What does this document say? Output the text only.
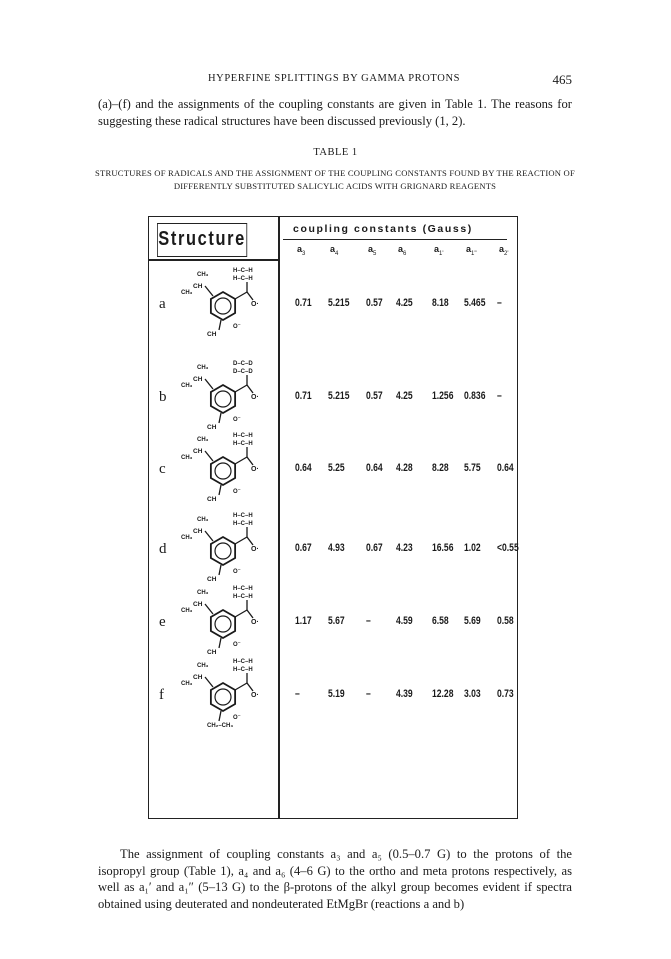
HYPERFINE SPLITTINGS BY GAMMA PROTONS	465

(a)–(f) and the assignments of the coupling constants are given in Table 1. The reasons for suggesting these radical structures have been discussed previously (1, 2).

TABLE 1
STRUCTURES OF RADICALS AND THE ASSIGNMENT OF THE COUPLING CONSTANTS FOUND BY THE REACTION OF DIFFERENTLY SUBSTITUTED SALICYLIC ACIDS WITH GRIGNARD REAGENTS
Structure	coupling constants (Gauss)
$a_3$	$a_4$	$a_5$ $a_6$	$a_{1'}$	$a_{1''}$ $a_{2'}$
a	O·
O⁻
H–C–H
H–C–H
CH
CH₃
CH₃
CH
0.71 5.215 0.57 4.25 8.18 5.465 –
b	O·
O⁻
D–C–D
D–C–D
CH
CH₃
CH₃
CH
0.71 5.215 0.57 4.25 1.256 0.836 –
c	O·
O⁻
H–C–H
H–C–H
CH
CH₃
CH₃
CH
0.64 5.25 0.64 4.28 8.28 5.75 0.64
d	O·
O⁻
H–C–H
H–C–H
CH
CH₃
CH₃
CH
0.67 4.93 0.67 4.23 16.56 1.02 <0.55
e	O·
O⁻
H–C–H
H–C–H
CH
CH₃
CH₃
CH
1.17 5.67 – 4.59 6.58 5.69 0.58
f	O·
O⁻
H–C–H
H–C–H
CH
CH₃
CH₃
CH₂–CH₃
–	5.19 – 4.39 12.28 3.03 0.73

The assignment of coupling constants a₃ and a₅ (0.5–0.7 G) to the protons of the isopropyl group (Table 1), a₄ and a₆ (4–6 G) to the ortho and meta protons respectively, as well as a₁′ and a₁″ (5–13 G) to the β-protons of the alkyl group becomes evident if spectra obtained using deuterated and nondeuterated EtMgBr (reactions a and b)
